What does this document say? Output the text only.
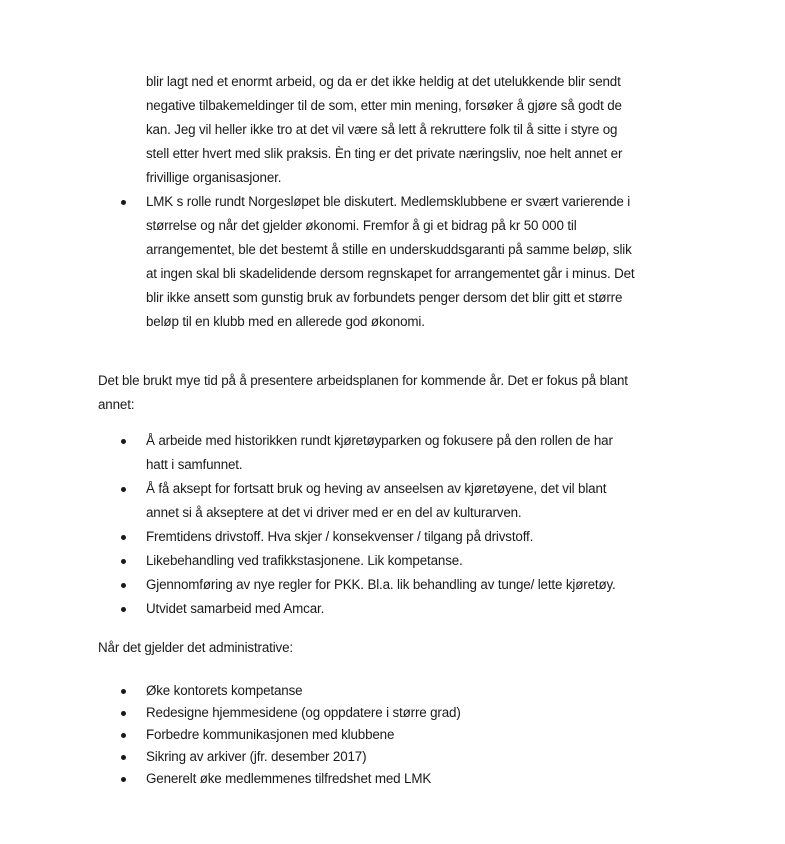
blir lagt ned et enormt arbeid, og da er det ikke heldig at det utelukkende blir sendt
negative tilbakemeldinger til de som, etter min mening, forsøker å gjøre så godt de
kan. Jeg vil heller ikke tro at det vil være så lett å rekruttere folk til å sitte i styre og
stell etter hvert med slik praksis. Èn ting er det private næringsliv, noe helt annet er
frivillige organisasjoner.
LMK s rolle rundt Norgesløpet ble diskutert. Medlemsklubbene er svært varierende i
størrelse og når det gjelder økonomi. Fremfor å gi et bidrag på kr 50 000 til
arrangementet, ble det bestemt å stille en underskuddsgaranti på samme beløp, slik
at ingen skal bli skadelidende dersom regnskapet for arrangementet går i minus. Det
blir ikke ansett som gunstig bruk av forbundets penger dersom det blir gitt et større
beløp til en klubb med en allerede god økonomi.
Det ble brukt mye tid på å presentere arbeidsplanen for kommende år. Det er fokus på blant
annet:
Å arbeide med historikken rundt kjøretøyparken og fokusere på den rollen de har
hatt i samfunnet.
Å få aksept for fortsatt bruk og heving av anseelsen av kjøretøyene, det vil blant
annet si å akseptere at det vi driver med er en del av kulturarven.
Fremtidens drivstoff. Hva skjer / konsekvenser / tilgang på drivstoff.
Likebehandling ved trafikkstasjonene. Lik kompetanse.
Gjennomføring av nye regler for PKK. Bl.a. lik behandling av tunge/ lette kjøretøy.
Utvidet samarbeid med Amcar.
Når det gjelder det administrative:
Øke kontorets kompetanse
Redesigne hjemmesidene (og oppdatere i større grad)
Forbedre kommunikasjonen med klubbene
Sikring av arkiver (jfr. desember 2017)
Generelt øke medlemmenes tilfredshet med LMK
